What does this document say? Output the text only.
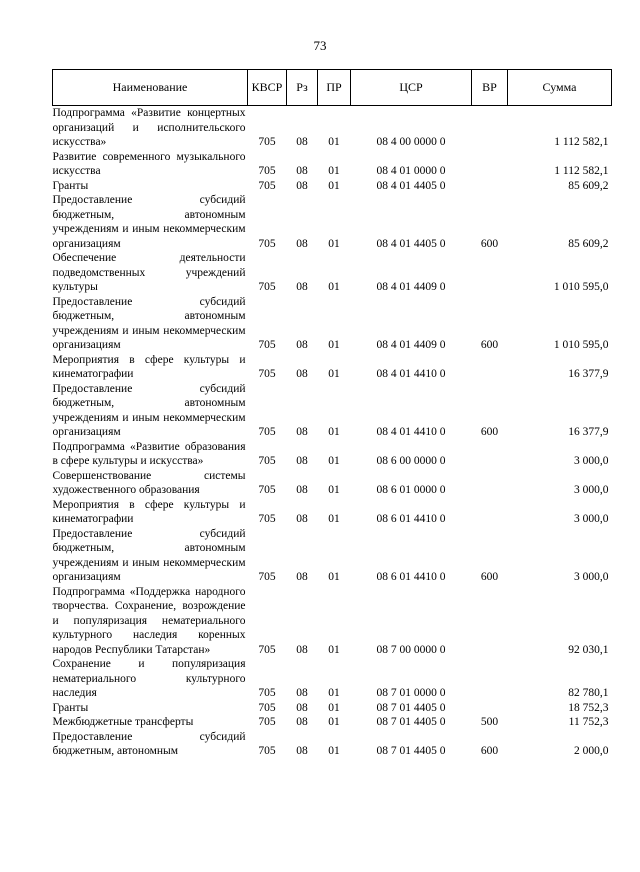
73
Наименование	КВСР	Рз	ПР	ЦСР	ВР	Сумма
Подпрограмма «Развитие концертных организаций и исполнительского искусства»	705	08	01	08 4 00 0000 0		1 112 582,1
Развитие современного музыкального искусства	705	08	01	08 4 01 0000 0		1 112 582,1
Гранты	705	08	01	08 4 01 4405 0		85 609,2
Предоставление субсидий бюджетным, автономным учреждениям и иным некоммерческим организациям	705	08	01	08 4 01 4405 0	600	85 609,2
Обеспечение деятельности подведомственных учреждений культуры	705	08	01	08 4 01 4409 0		1 010 595,0
Предоставление субсидий бюджетным, автономным учреждениям и иным некоммерческим организациям	705	08	01	08 4 01 4409 0	600	1 010 595,0
Мероприятия в сфере культуры и кинематографии	705	08	01	08 4 01 4410 0		16 377,9
Предоставление субсидий бюджетным, автономным учреждениям и иным некоммерческим организациям	705	08	01	08 4 01 4410 0	600	16 377,9
Подпрограмма «Развитие образования в сфере культуры и искусства»	705	08	01	08 6 00 0000 0		3 000,0
Совершенствование системы художественного образования	705	08	01	08 6 01 0000 0		3 000,0
Мероприятия в сфере культуры и кинематографии	705	08	01	08 6 01 4410 0		3 000,0
Предоставление субсидий бюджетным, автономным учреждениям и иным некоммерческим организациям	705	08	01	08 6 01 4410 0	600	3 000,0
Подпрограмма «Поддержка народного творчества. Сохранение, возрождение и популяризация нематериального культурного наследия коренных народов Республики Татарстан»	705	08	01	08 7 00 0000 0		92 030,1
Сохранение и популяризация нематериального культурного наследия	705	08	01	08 7 01 0000 0		82 780,1
Гранты	705	08	01	08 7 01 4405 0		18 752,3
Межбюджетные трансферты	705	08	01	08 7 01 4405 0	500	11 752,3
Предоставление субсидий бюджетным, автономным	705	08	01	08 7 01 4405 0	600	2 000,0
